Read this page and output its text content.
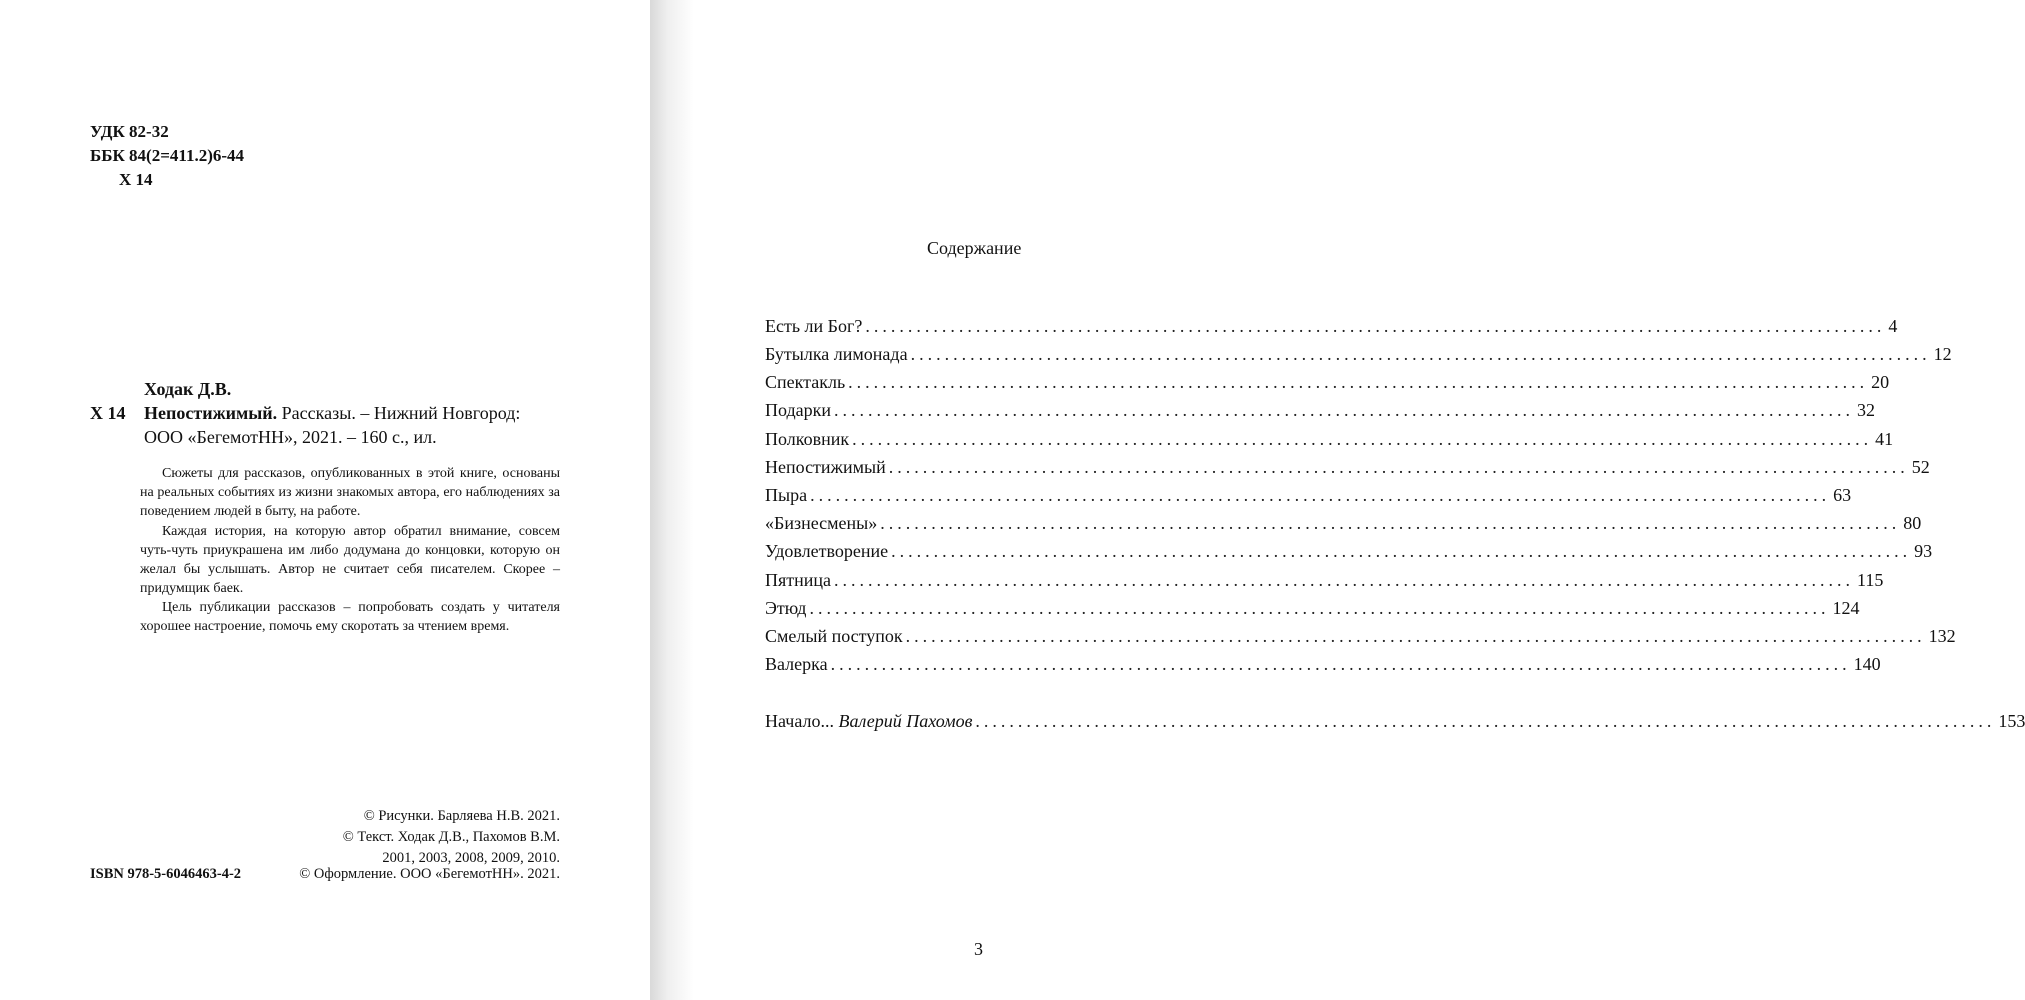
УДК 82-32
ББК 84(2=411.2)6-44
Х 14
Ходак Д.В.
Х 14 Непостижимый. Рассказы. – Нижний Новгород:
ООО «БегемотНН», 2021. – 160 с., ил.

Сюжеты для рассказов, опубликованных в этой книге, основаны на реальных событиях из жизни знакомых автора, его наблюдениях за поведением людей в быту, на работе.

Каждая история, на которую автор обратил внимание, совсем чуть-чуть приукрашена им либо додумана до концовки, которую он желал бы услышать. Автор не считает себя писателем. Скорее – придумщик баек.

Цель публикации рассказов – попробовать создать у читателя хорошее настроение, помочь ему скоротать за чтением время.

© Рисунки. Барляева Н.В. 2021.
© Текст. Ходак Д.В., Пахомов В.М.
2001, 2003, 2008, 2009, 2010.
© Оформление. ООО «БегемотНН». 2021.
ISBN 978-5-6046463-4-2
Содержание
Есть ли Бог? ........................................................................................................................ 4
Бутылка лимонада ........................................................................................................................ 12
Спектакль ........................................................................................................................ 20
Подарки ........................................................................................................................ 32
Полковник ........................................................................................................................ 41
Непостижимый ........................................................................................................................ 52
Пыра ........................................................................................................................ 63
«Бизнесмены» ........................................................................................................................ 80
Удовлетворение ........................................................................................................................ 93
Пятница ........................................................................................................................ 115
Этюд ........................................................................................................................ 124
Смелый поступок ........................................................................................................................ 132
Валерка ........................................................................................................................ 140
Начало... Валерий Пахомов ........................................................................................................................ 153
3
